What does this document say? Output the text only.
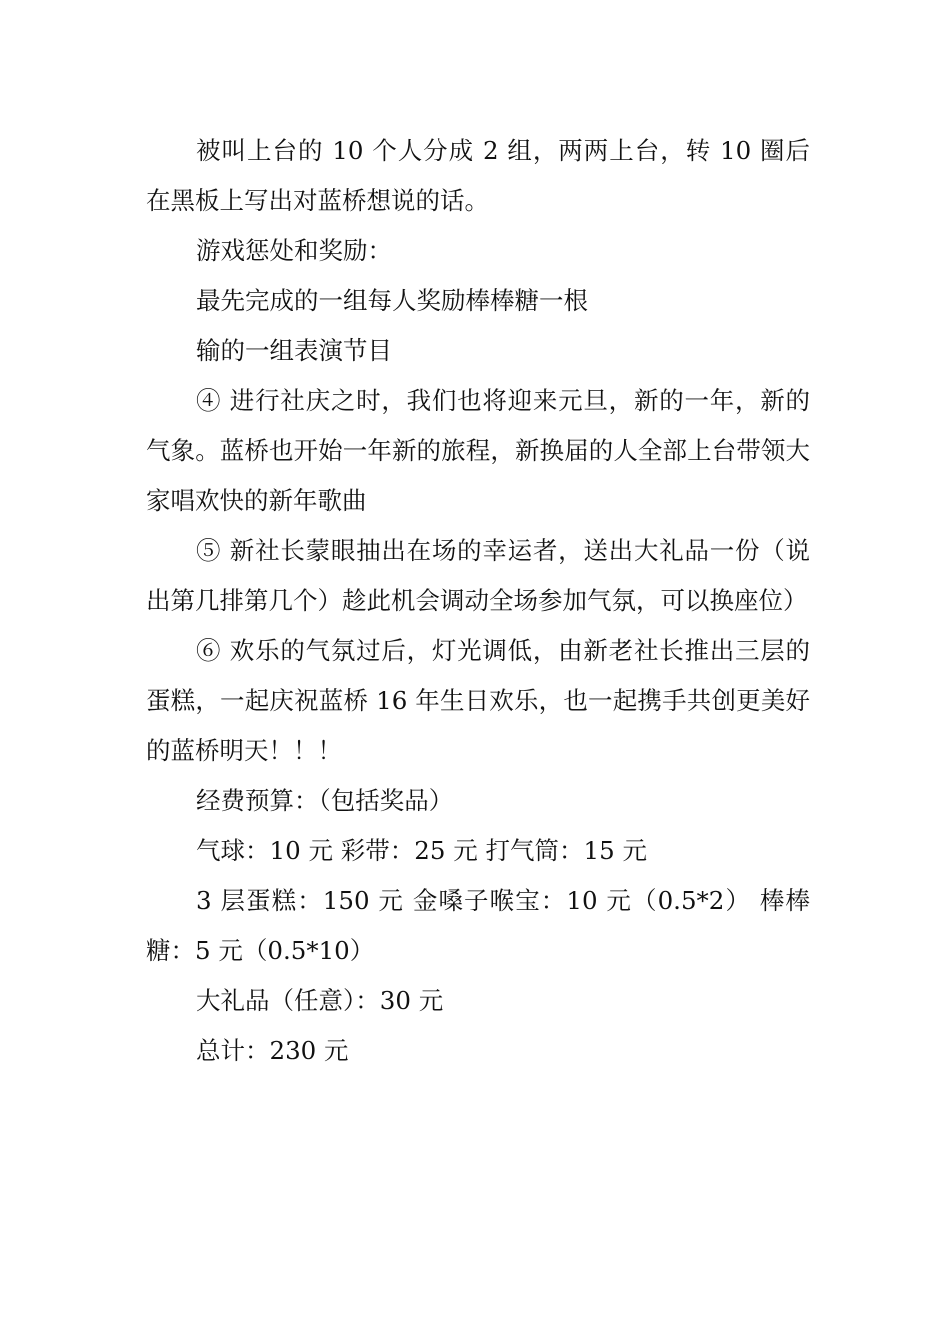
被叫上台的 10 个人分成 2 组，两两上台，转 10 圈后在黑板上写出对蓝桥想说的话。

游戏惩处和奖励：

最先完成的一组每人奖励棒棒糖一根

输的一组表演节目

④ 进行社庆之时，我们也将迎来元旦，新的一年，新的气象。蓝桥也开始一年新的旅程，新换届的人全部上台带领大家唱欢快的新年歌曲

⑤ 新社长蒙眼抽出在场的幸运者，送出大礼品一份（说出第几排第几个）趁此机会调动全场参加气氛，可以换座位）

⑥ 欢乐的气氛过后，灯光调低，由新老社长推出三层的蛋糕，一起庆祝蓝桥 16 年生日欢乐，也一起携手共创更美好的蓝桥明天！！！

经费预算：（包括奖品）

气球：10 元 彩带：25 元 打气筒：15 元

3 层蛋糕：150 元 金嗓子喉宝：10 元（0.5*2） 棒棒糖：5 元（0.5*10）

大礼品（任意）：30 元

总计：230 元
